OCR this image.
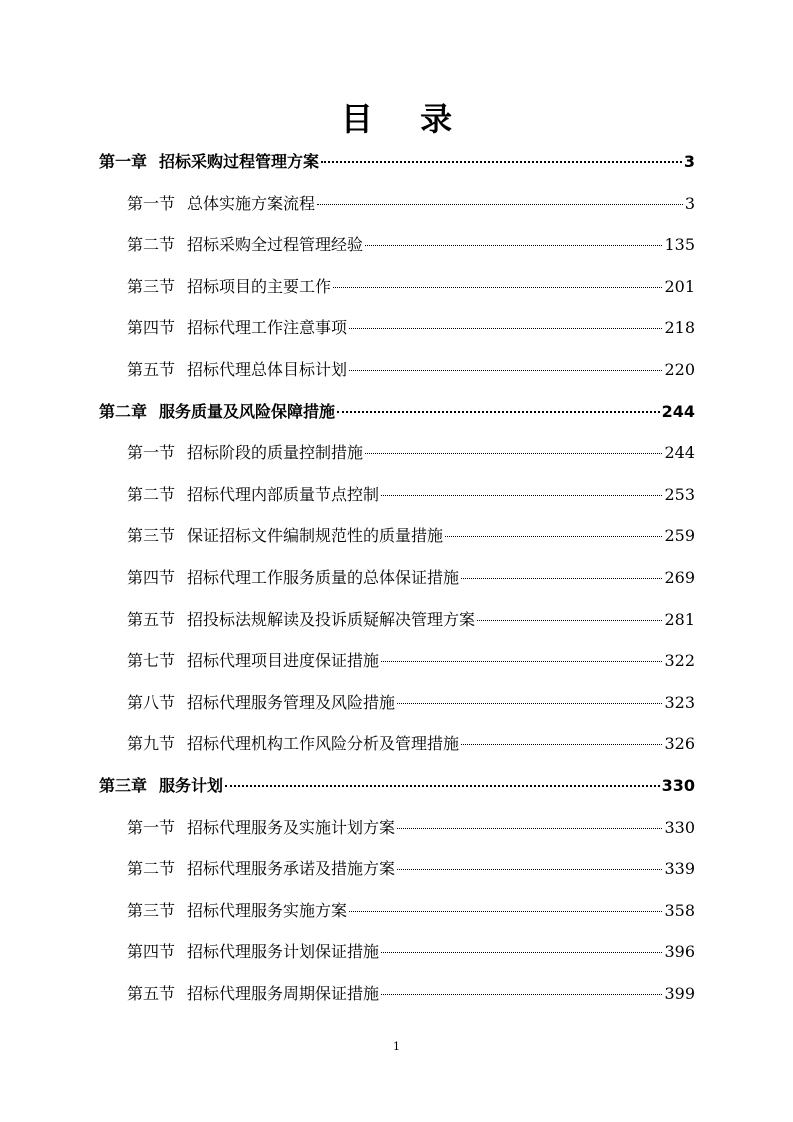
目 录
第一章 招标采购过程管理方案	3
第一节 总体实施方案流程	3
第二节 招标采购全过程管理经验	135
第三节 招标项目的主要工作	201
第四节 招标代理工作注意事项	218
第五节 招标代理总体目标计划	220
第二章 服务质量及风险保障措施	244
第一节 招标阶段的质量控制措施	244
第二节 招标代理内部质量节点控制	253
第三节 保证招标文件编制规范性的质量措施	259
第四节 招标代理工作服务质量的总体保证措施	269
第五节 招投标法规解读及投诉质疑解决管理方案	281
第七节 招标代理项目进度保证措施	322
第八节 招标代理服务管理及风险措施	323
第九节 招标代理机构工作风险分析及管理措施	326
第三章 服务计划	330
第一节 招标代理服务及实施计划方案	330
第二节 招标代理服务承诺及措施方案	339
第三节 招标代理服务实施方案	358
第四节 招标代理服务计划保证措施	396
第五节 招标代理服务周期保证措施	399
1
